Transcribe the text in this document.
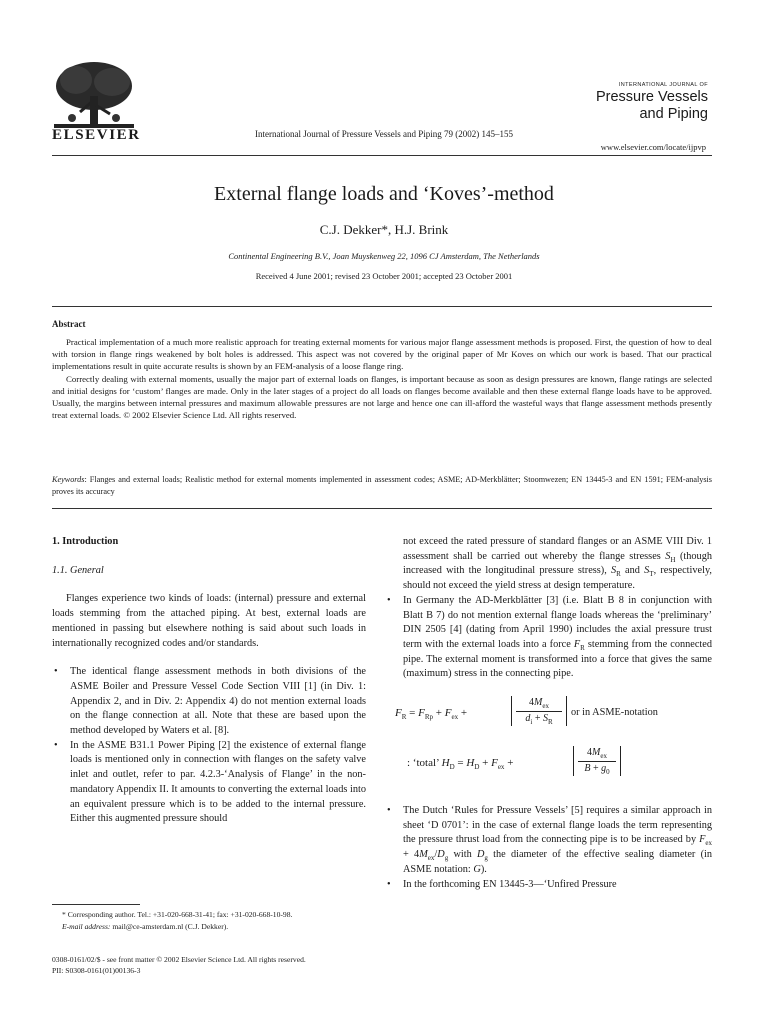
ELSEVIER	International Journal of Pressure Vessels and Piping 79 (2002) 145–155
INTERNATIONAL JOURNAL OF
Pressure Vessels
and Piping
www.elsevier.com/locate/ijpvp
External flange loads and ‘Koves’-method
C.J. Dekker*, H.J. Brink
Continental Engineering B.V., Joan Muyskenweg 22, 1096 CJ Amsterdam, The Netherlands
Received 4 June 2001; revised 23 October 2001; accepted 23 October 2001
Abstract

Practical implementation of a much more realistic approach for treating external moments for various major flange assessment methods is proposed. First, the question of how to deal with torsion in flange rings weakened by bolt holes is addressed. This aspect was not covered by the original paper of Mr Koves on which our work is based. That our practical implementations result in quite accurate results is shown by an FEM-analysis of a loose flange ring.

Correctly dealing with external moments, usually the major part of external loads on flanges, is important because as soon as design pressures are known, flange ratings are selected and initial designs for ‘custom’ flanges are made. Only in the later stages of a project do all loads on flanges become available and then these external flange loads have to be approved. Usually, the margins between internal pressures and maximum allowable pressures are not large and hence one can ill-afford the wasteful ways that flange assessment methods presently treat external loads. © 2002 Elsevier Science Ltd. All rights reserved.

Keywords: Flanges and external loads; Realistic method for external moments implemented in assessment codes; ASME; AD-Merkblätter; Stoomwezen; EN 13445-3 and EN 1591; FEM-analysis proves its accuracy
1. Introduction
1.1. General
Flanges experience two kinds of loads: (internal) pressure and external loads stemming from the attached piping. At best, external loads are mentioned in passing but elsewhere nothing is said about such loads in internationally recognized codes and/or standards.
• The identical flange assessment methods in both divisions of the ASME Boiler and Pressure Vessel Code Section VIII [1] (in Div. 1: Appendix 2, and in Div. 2: Appendix 4) do not mention external loads on the flange connection at all. Note that these are based upon the method developed by Waters et al. [8].
• In the ASME B31.1 Power Piping [2] the existence of external flange loads is mentioned only in connection with flanges on the safety valve inlet and outlet, refer to par. 4.2.3-‘Analysis of Flange’ in the non-mandatory Appendix II. It amounts to converting the external loads into an equivalent pressure which is to be added to the internal pressure. Either this augmented pressure should
not exceed the rated pressure of standard flanges or an ASME VIII Div. 1 assessment shall be carried out whereby the flange stresses $S_H$ (though increased with the longitudinal pressure stress), $S_R$ and $S_T$, respectively, should not exceed the yield stress at design temperature.
• In Germany the AD-Merkblätter [3] (i.e. Blatt B 8 in conjunction with Blatt B 7) do not mention external flange loads whereas the ‘preliminary’ DIN 2505 [4] (dating from April 1990) includes the axial pressure trust term with the external loads into a force $F_R$ stemming from the connected pipe. The external moment is transformed into a force that gives the same (maximum) stress in the connecting pipe.
$F_R = F_{Rp} + F_{ex}$ +
$4M_{ex}$
$d_i + S_R$
or in ASME-notation
: ‘total’ $H_D = H_D + F_{ex}$ +
$4M_{ex}$
$B + g_0$
• The Dutch ‘Rules for Pressure Vessels’ [5] requires a similar approach in sheet ‘D 0701’: in the case of external flange loads the term representing the pressure thrust load from the connecting pipe is to be increased by $F_{ex} + 4M_{ex}/D_g$ with $D_g$ the diameter of the effective sealing diameter (in ASME notation: G).
• In the forthcoming EN 13445-3—‘Unfired Pressure
* Corresponding author. Tel.: +31-020-668-31-41; fax: +31-020-668-10-98.
E-mail address: mail@ce-amsterdam.nl (C.J. Dekker).
0308-0161/02/$ - see front matter © 2002 Elsevier Science Ltd. All rights reserved.
PII: S0308-0161(01)00136-3
